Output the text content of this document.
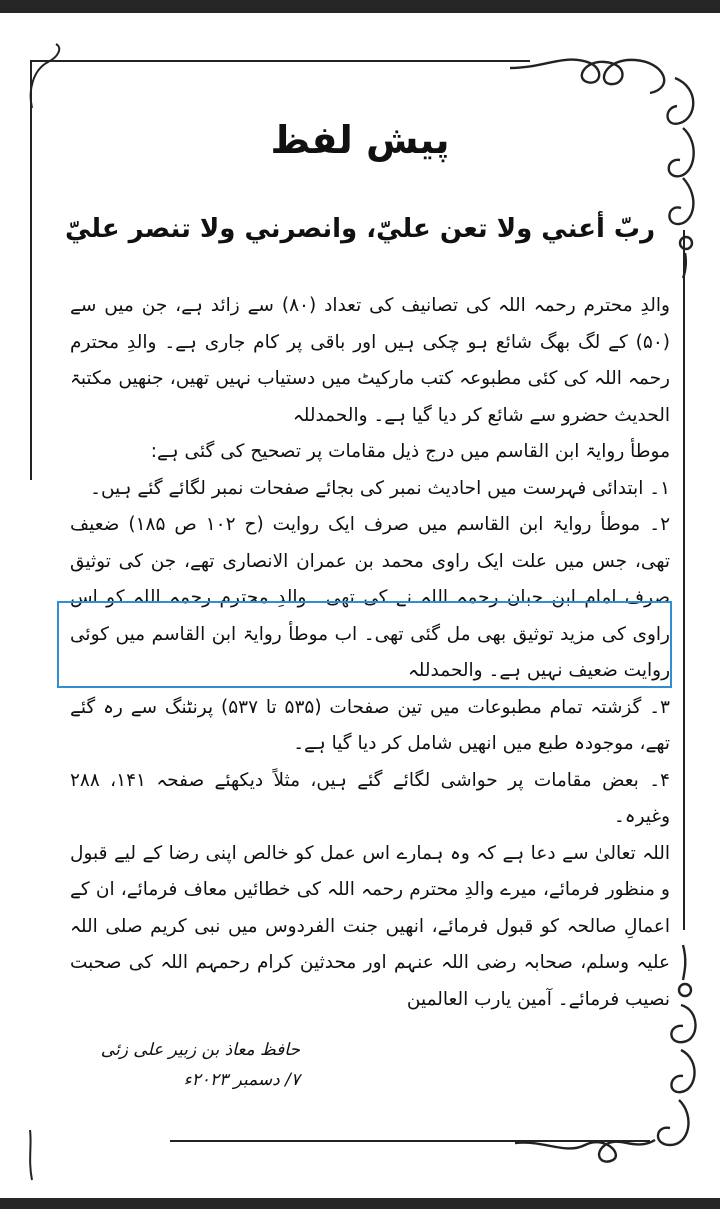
پیش لفظ
ربّ أعني ولا تعن عليّ، وانصرني ولا تنصر عليّ

والدِ محترم رحمہ اللہ کی تصانیف کی تعداد (۸۰) سے زائد ہے، جن میں سے (۵۰) کے لگ بھگ شائع ہو چکی ہیں اور باقی پر کام جاری ہے۔ والدِ محترم رحمہ اللہ کی کئی مطبوعہ کتب مارکیٹ میں دستیاب نہیں تھیں، جنھیں مکتبۃ الحدیث حضرو سے شائع کر دیا گیا ہے۔ والحمدللہ

موطأ روایۃ ابن القاسم میں درج ذیل مقامات پر تصحیح کی گئی ہے:

۱۔ ابتدائی فہرست میں احادیث نمبر کی بجائے صفحات نمبر لگائے گئے ہیں۔

۲۔ موطأ روایۃ ابن القاسم میں صرف ایک روایت (ح ۱۰۲ ص ۱۸۵) ضعیف تھی، جس میں علت ایک راوی محمد بن عمران الانصاری تھے، جن کی توثیق صرف امام ابن حبان رحمہ اللہ نے کی تھی۔ والدِ محترم رحمہ اللہ کو اس راوی کی مزید توثیق بھی مل گئی تھی۔ اب موطأ روایۃ ابن القاسم میں کوئی روایت ضعیف نہیں ہے۔ والحمدللہ

۳۔ گزشتہ تمام مطبوعات میں تین صفحات (۵۳۵ تا ۵۳۷) پرنٹنگ سے رہ گئے تھے، موجودہ طبع میں انھیں شامل کر دیا گیا ہے۔

۴۔ بعض مقامات پر حواشی لگائے گئے ہیں، مثلاً دیکھئے صفحہ ۱۴۱، ۲۸۸ وغیرہ۔

اللہ تعالیٰ سے دعا ہے کہ وہ ہمارے اس عمل کو خالص اپنی رضا کے لیے قبول و منظور فرمائے، میرے والدِ محترم رحمہ اللہ کی خطائیں معاف فرمائے، ان کے اعمالِ صالحہ کو قبول فرمائے، انھیں جنت الفردوس میں نبی کریم صلی اللہ علیہ وسلم، صحابہ رضی اللہ عنہم اور محدثین کرام رحمہم اللہ کی صحبت نصیب فرمائے۔ آمین یارب العالمین

حافظ معاذ بن زبیر علی زئی
۷/ دسمبر ۲۰۲۳ء
